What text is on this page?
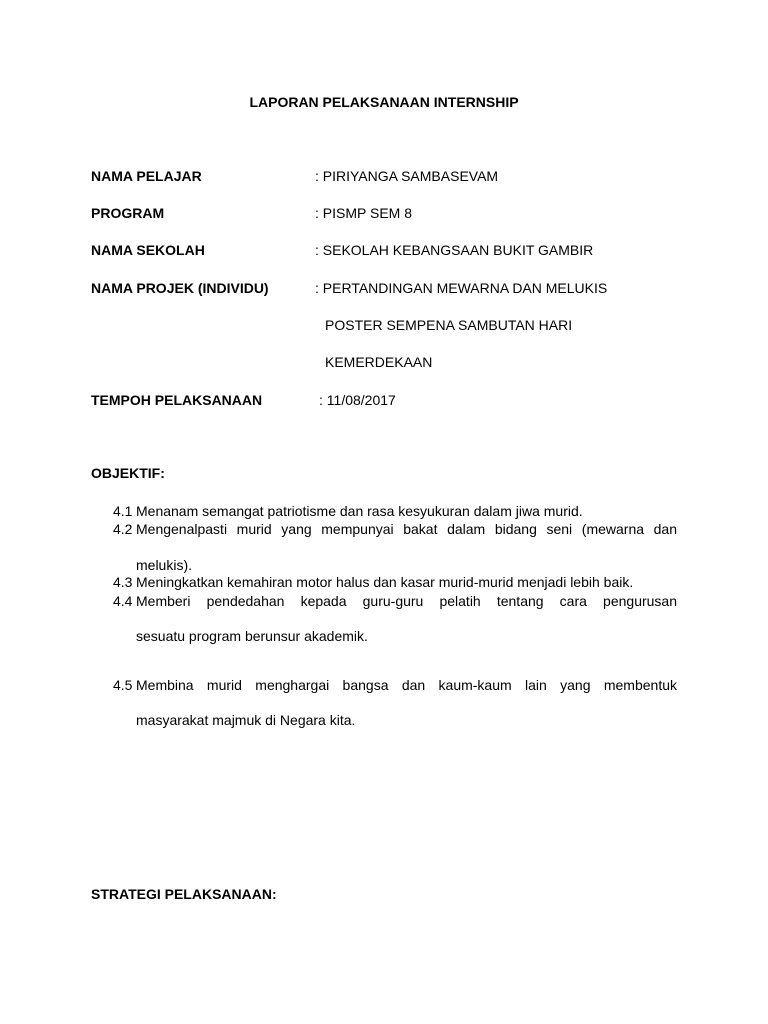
LAPORAN PELAKSANAAN INTERNSHIP
NAMA PELAJAR	: PIRIYANGA SAMBASEVAM
PROGRAM	: PISMP SEM 8
NAMA SEKOLAH	: SEKOLAH KEBANGSAAN BUKIT GAMBIR
NAMA PROJEK (INDIVIDU)	: PERTANDINGAN MEWARNA DAN MELUKIS
POSTER SEMPENA SAMBUTAN HARI
KEMERDEKAAN
TEMPOH PELAKSANAAN	: 11/08/2017
OBJEKTIF:
4.1 Menanam semangat patriotisme dan rasa kesyukuran dalam jiwa murid.
4.2 Mengenalpasti murid yang mempunyai bakat dalam bidang seni (mewarna dan
melukis).
4.3 Meningkatkan kemahiran motor halus dan kasar murid-murid menjadi lebih baik.
4.4 Memberi pendedahan kepada guru-guru pelatih tentang cara pengurusan
sesuatu program berunsur akademik.
4.5 Membina murid menghargai bangsa dan kaum-kaum lain yang membentuk
masyarakat majmuk di Negara kita.
STRATEGI PELAKSANAAN:
